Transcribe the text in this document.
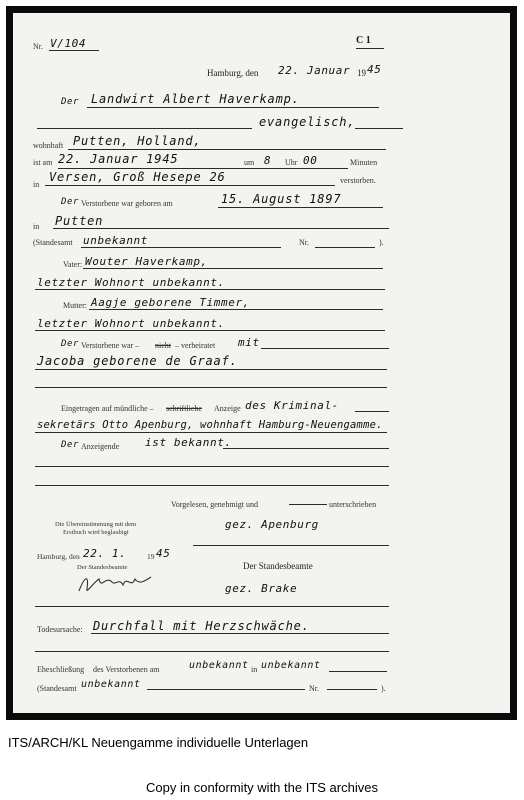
Nr. V/104	C 1
Hamburg, den 22. Januar 19 45
Der Landwirt Albert Haverkamp.
evangelisch,
wohnhaft Putten, Holland,
ist am 22. Januar 1945	um 8 Uhr 00	Minuten
in
Versen, Groß Hesepe 26	verstorben.
Der Verstorbene war geboren am	15. August 1897
in Putten
(Standesamt unbekannt	Nr.	).
Vater: Wouter Haverkamp,
letzter Wohnort unbekannt.
Mutter: Aagje geborene Timmer,
letzter Wohnort unbekannt.
Der Verstorbene war – nicht – verheiratet mit
Jacoba geborene de Graaf.
Eingetragen auf mündliche – schriftliche Anzeige des Kriminal-
sekretärs Otto Apenburg, wohnhaft Hamburg-Neuengamme.
Der Anzeigende ist bekannt.
Vorgelesen, genehmigt und	unterschrieben
Die Übereinstimmung mit dem
Erstbuch wird beglaubigt
gez. Apenburg
Hamburg, den 22. 1.	19 45
Der Standesbeamte	Der Standesbeamte
gez. Brake
Todesursache: Durchfall mit Herzschwäche.
Eheschließung des Verstorbenen am	unbekannt in unbekannt
(Standesamt unbekannt	Nr.	).
ITS/ARCH/KL Neuengamme individuelle Unterlagen
Copy in conformity with the ITS archives
